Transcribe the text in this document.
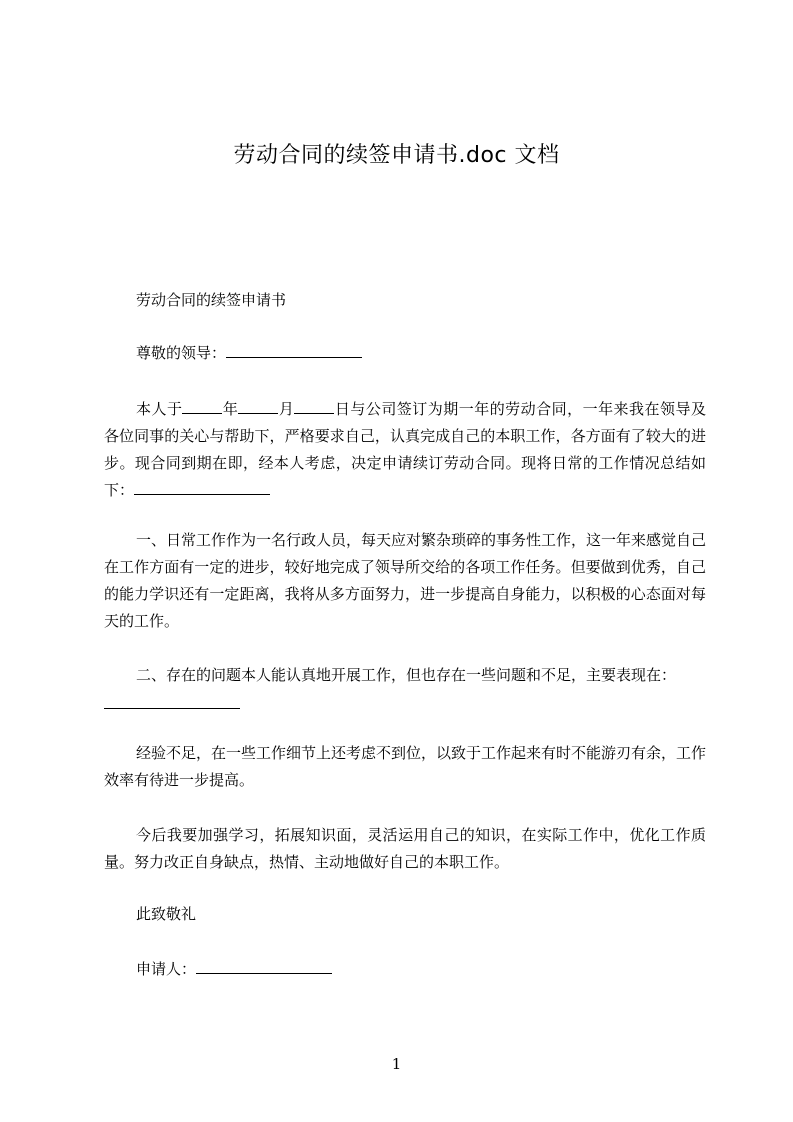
劳动合同的续签申请书.doc 文档

劳动合同的续签申请书

尊敬的领导：

本人于	年	月	日与公司签订为期一年的劳动合同，一年来我在领导及各位同事的关心与帮助下，严格要求自己，认真完成自己的本职工作，各方面有了较大的进步。现合同到期在即，经本人考虑，决定申请续订劳动合同。现将日常的工作情况总结如下：

一、日常工作作为一名行政人员，每天应对繁杂琐碎的事务性工作，这一年来感觉自己在工作方面有一定的进步，较好地完成了领导所交给的各项工作任务。但要做到优秀，自己的能力学识还有一定距离，我将从多方面努力，进一步提高自身能力，以积极的心态面对每天的工作。

二、存在的问题本人能认真地开展工作，但也存在一些问题和不足，主要表现在：

经验不足，在一些工作细节上还考虑不到位，以致于工作起来有时不能游刃有余，工作效率有待进一步提高。

今后我要加强学习，拓展知识面，灵活运用自己的知识，在实际工作中，优化工作质量。努力改正自身缺点，热情、主动地做好自己的本职工作。

此致敬礼

申请人：

1
